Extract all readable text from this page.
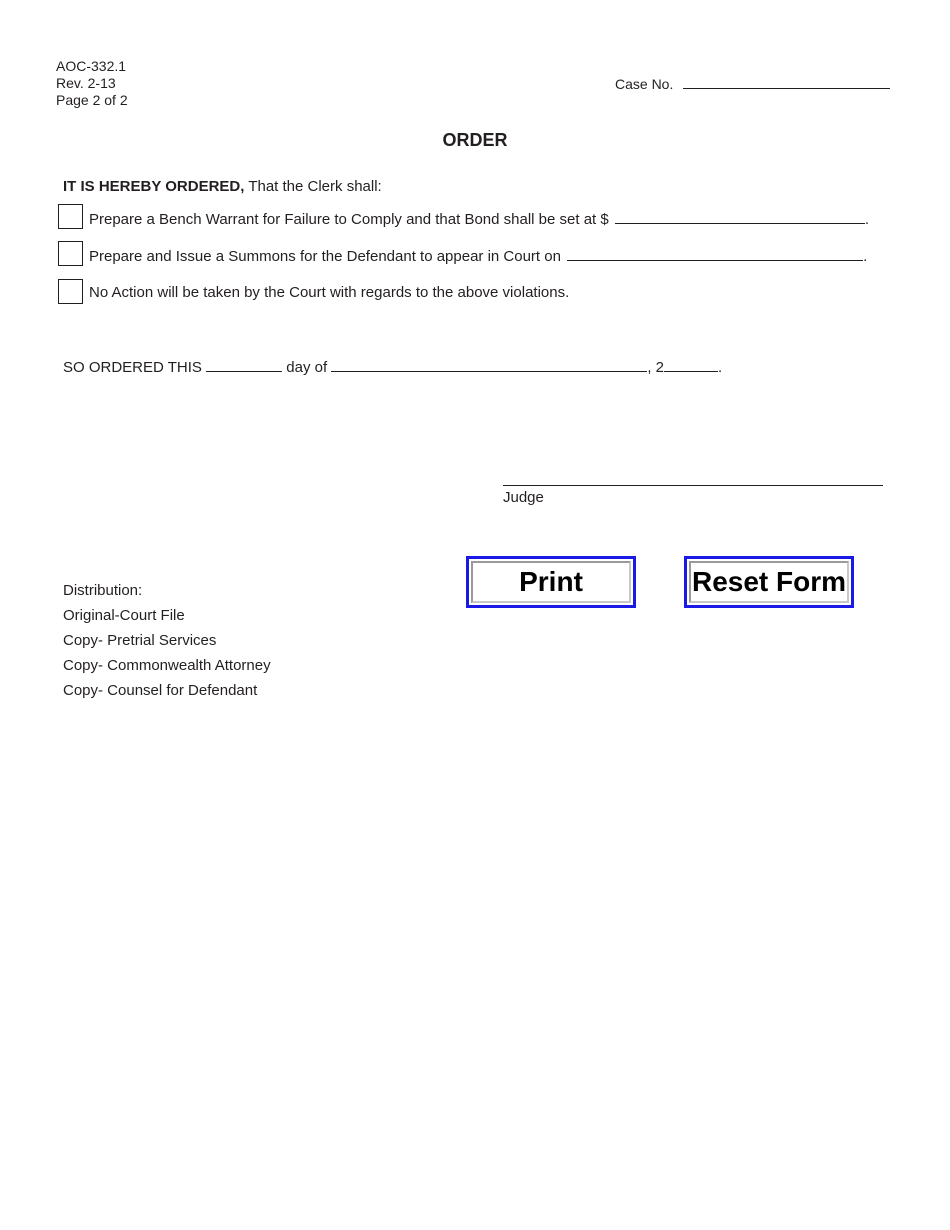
AOC-332.1
Rev. 2-13
Page 2 of 2
Case No.
ORDER
IT IS HEREBY ORDERED, That the Clerk shall:
Prepare a Bench Warrant for Failure to Comply and that Bond shall be set at $	.
Prepare and Issue a Summons for the Defendant to appear in Court on	.
No Action will be taken by the Court with regards to the above violations.
SO ORDERED THIS	day of	, 2	.
Judge
Print	Reset Form
Distribution:
Original-Court File
Copy- Pretrial Services
Copy- Commonwealth Attorney
Copy- Counsel for Defendant
